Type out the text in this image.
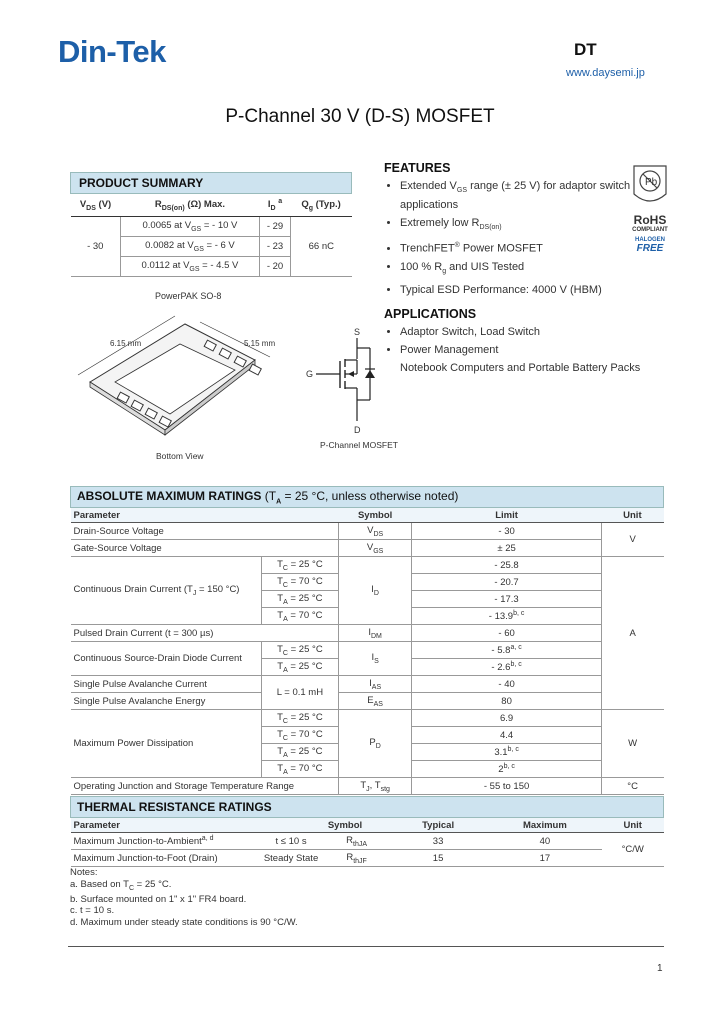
Din-Tek	DT
www.daysemi.jp
P-Channel 30 V (D-S) MOSFET
PRODUCT SUMMARY			
$V_{DS}$ (V)	$R_{DS(on)}$ (Ω) Max.	$I_D$ $^a$	$Q_g$ (Typ.)
- 30	0.0065 at $V_{GS}$ = - 10 V	- 29	66 nC
	0.0082 at $V_{GS}$ = - 6 V	- 23	
	0.0112 at $V_{GS}$ = - 4.5 V	- 20	
FEATURES
• Extended $V_{GS}$ range (± 25 V) for adaptor switch applications
• Extremely low $R_{DS(on)}$
• TrenchFET® Power MOSFET
• 100 % $R_g$ and UIS Tested
• Typical ESD Performance: 4000 V (HBM)
APPLICATIONS
• Adaptor Switch, Load Switch
• Power Management
Notebook Computers and Portable Battery Packs
Pb
RoHS
COMPLIANT
HALOGEN
FREE
PowerPAK SO-8
6.15 mm	5.15 mm
Bottom View
S
G
D
P-Channel MOSFET
ABSOLUTE MAXIMUM RATINGS ($T_A = 25$ °C, unless otherwise noted)				
Parameter		Symbol	Limit	Unit
Drain-Source Voltage		$V_{DS}$	- 30	V
Gate-Source Voltage		$V_{GS}$	± 25	
Continuous Drain Current ($T_J = 150$ °C)	$T_C = 25$ °C	$I_D$	- 25.8	A
	$T_C = 70$ °C		- 20.7	
	$T_A = 25$ °C		- 17.3	
	$T_A = 70$ °C		- 13.9$^{b, c}$
Pulsed Drain Current (t = 300 µs)		$I_{DM}$	- 60	
Continuous Source-Drain Diode Current	$T_C = 25$ °C	$I_S$	- 5.8$^{a, c}$
	$T_A = 25$ °C		- 2.6$^{b, c}$
Single Pulse Avalanche Current	L = 0.1 mH	$I_{AS}$	- 40	
Single Pulse Avalanche Energy		$E_{AS}$	80	
Maximum Power Dissipation	$T_C = 25$ °C	$P_D$	6.9	W
	$T_C = 70$ °C		4.4	
	$T_A = 25$ °C		3.1$^{b, c}$
	$T_A = 70$ °C		2$^{b, c}$
Operating Junction and Storage Temperature Range		$T_J$, $T_{stg}$	- 55 to 150	°C
THERMAL RESISTANCE RATINGS					
Parameter		Symbol	Typical	Maximum	Unit
Maximum Junction-to-Ambient$^{a, d}$	t ≤ 10 s	$R_{thJA}$	33	40	°C/W
Maximum Junction-to-Foot (Drain)	Steady State	$R_{thJF}$	15	17	
Notes:
a. Based on $T_C = 25$ °C.
b. Surface mounted on 1" x 1" FR4 board.
c. t = 10 s.
d. Maximum under steady state conditions is 90 °C/W.
1
